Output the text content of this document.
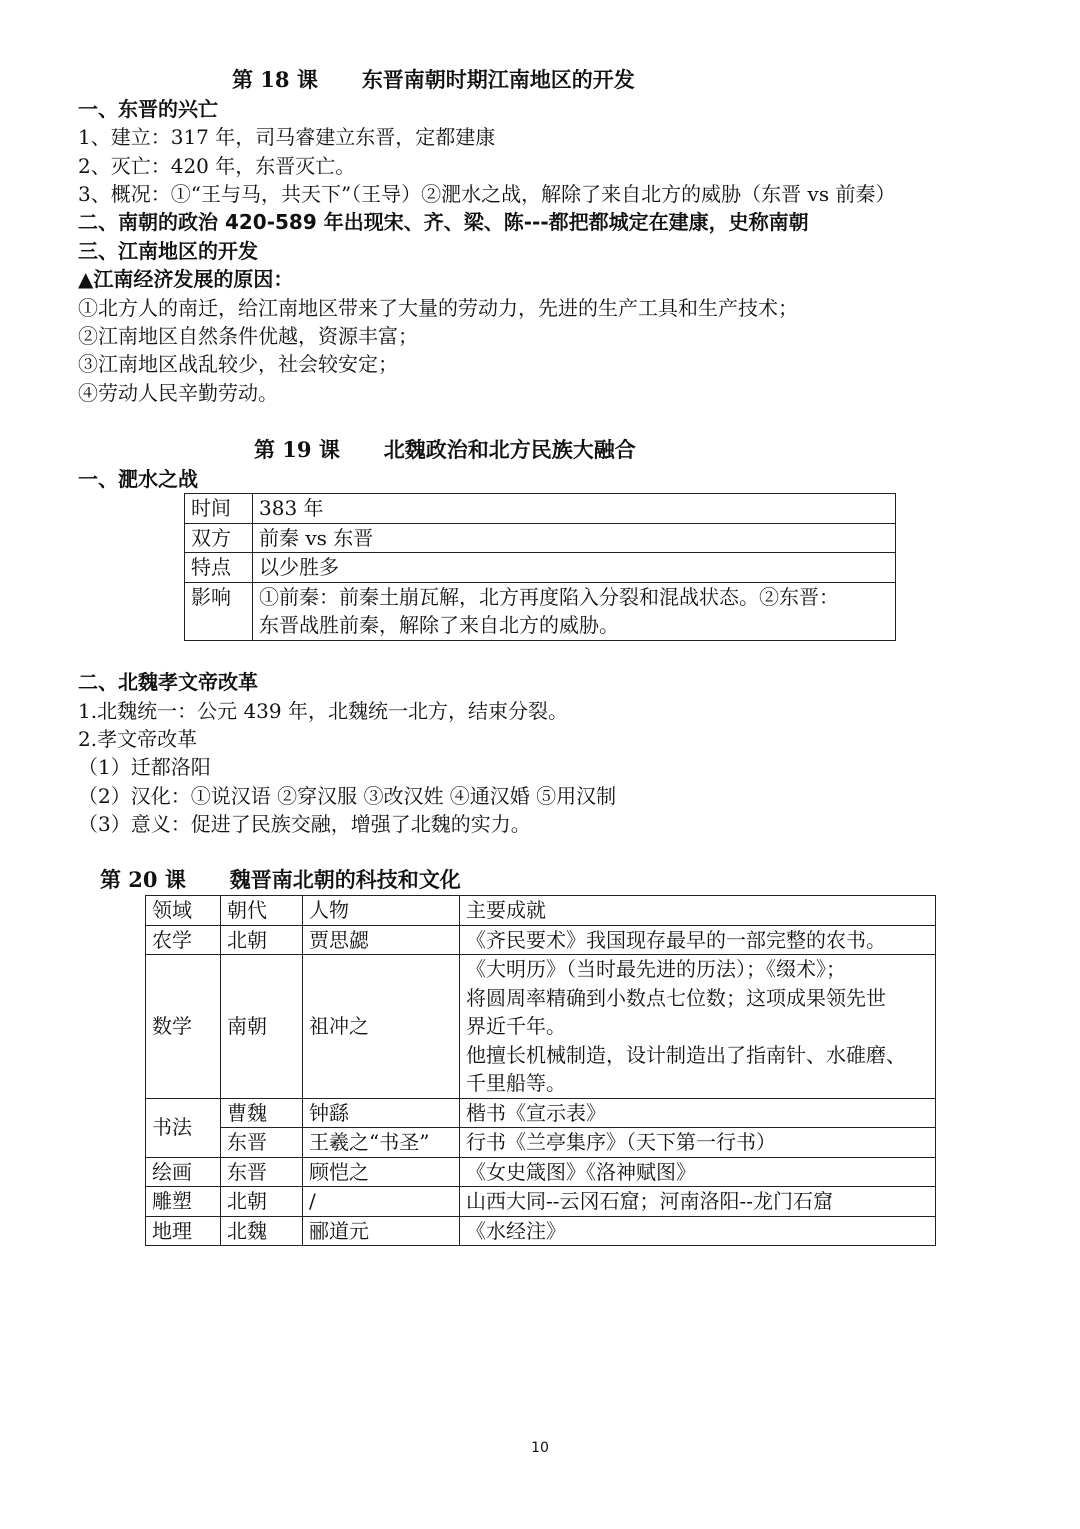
第 18 课      东晋南朝时期江南地区的开发
一、东晋的兴亡
1、建立：317 年，司马睿建立东晋，定都建康
2、灭亡：420 年，东晋灭亡。
3、概况：①“王与马，共天下”（王导）②淝水之战，解除了来自北方的威胁（东晋 vs 前秦）
二、南朝的政治 420-589 年出现宋、齐、梁、陈---都把都城定在建康，史称南朝
三、江南地区的开发
▲江南经济发展的原因：
①北方人的南迁，给江南地区带来了大量的劳动力，先进的生产工具和生产技术；
②江南地区自然条件优越，资源丰富；
③江南地区战乱较少，社会较安定；
④劳动人民辛勤劳动。
第 19 课      北魏政治和北方民族大融合
一、淝水之战
时间	383 年
双方	前秦 vs 东晋
特点	以少胜多
影响	①前秦：前秦土崩瓦解，北方再度陷入分裂和混战状态。②东晋：
东晋战胜前秦，解除了来自北方的威胁。
二、北魏孝文帝改革
1.北魏统一：公元 439 年，北魏统一北方，结束分裂。
2.孝文帝改革
（1）迁都洛阳
（2）汉化：①说汉语 ②穿汉服 ③改汉姓 ④通汉婚 ⑤用汉制
（3）意义：促进了民族交融，增强了北魏的实力。
第 20 课      魏晋南北朝的科技和文化
领域	朝代	人物	主要成就
农学	北朝	贾思勰	《齐民要术》我国现存最早的一部完整的农书。
数学	南朝	祖冲之	《大明历》（当时最先进的历法）；《缀术》；
将圆周率精确到小数点七位数；这项成果领先世
界近千年。
他擅长机械制造，设计制造出了指南针、水碓磨、
千里船等。

书法	曹魏	钟繇	楷书《宣示表》
	东晋	王羲之“书圣”	行书《兰亭集序》（天下第一行书）
绘画	东晋	顾恺之	《女史箴图》《洛神赋图》
雕塑	北朝	/	山西大同--云冈石窟；河南洛阳--龙门石窟
地理	北魏	郦道元	《水经注》
10
